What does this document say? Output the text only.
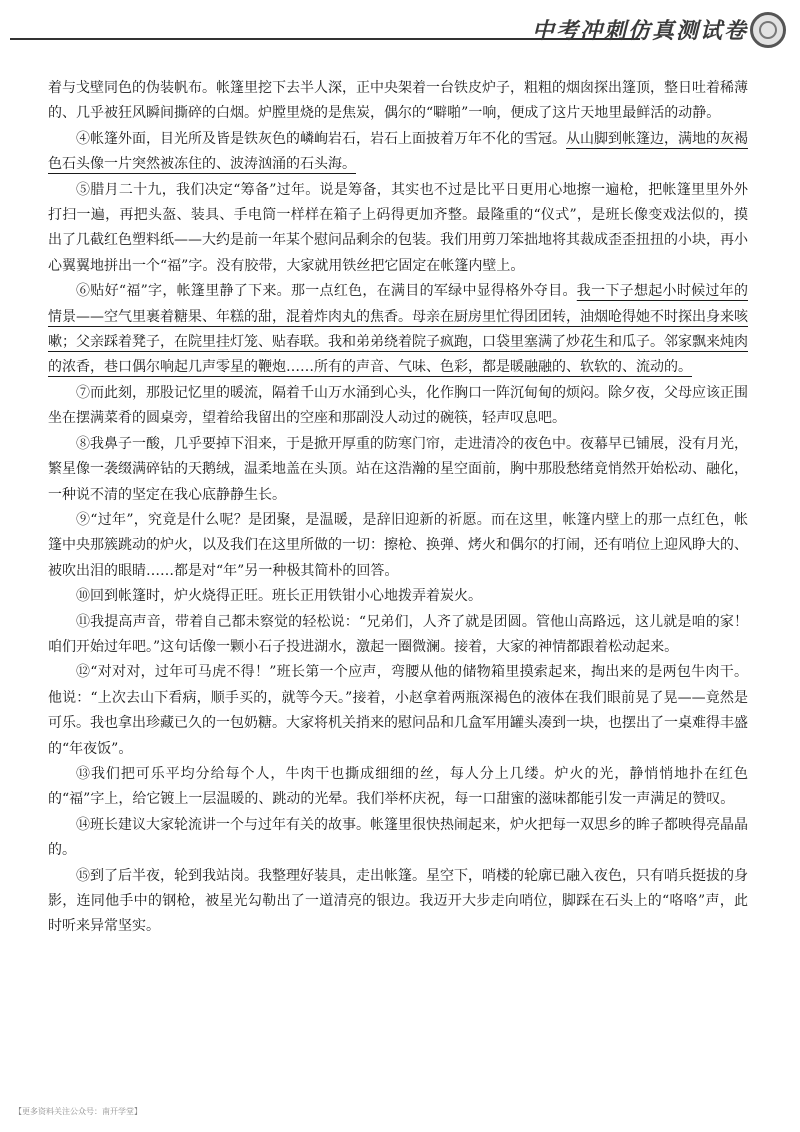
中考冲刺仿真测试卷

着与戈壁同色的伪装帆布。帐篷里挖下去半人深，正中央架着一台铁皮炉子，粗粗的烟囱探出篷顶，整日吐着稀薄的、几乎被狂风瞬间撕碎的白烟。炉膛里烧的是焦炭，偶尔的“噼啪”一响，便成了这片天地里最鲜活的动静。

④帐篷外面，目光所及皆是铁灰色的嶙峋岩石，岩石上面披着万年不化的雪冠。从山脚到帐篷边，满地的灰褐色石头像一片突然被冻住的、波涛汹涌的石头海。

⑤腊月二十九，我们决定“筹备”过年。说是筹备，其实也不过是比平日更用心地擦一遍枪，把帐篷里里外外打扫一遍，再把头盔、装具、手电筒一样样在箱子上码得更加齐整。最隆重的“仪式”，是班长像变戏法似的，摸出了几截红色塑料纸——大约是前一年某个慰问品剩余的包装。我们用剪刀笨拙地将其裁成歪歪扭扭的小块，再小心翼翼地拼出一个“福”字。没有胶带，大家就用铁丝把它固定在帐篷内壁上。

⑥贴好“福”字，帐篷里静了下来。那一点红色，在满目的军绿中显得格外夺目。我一下子想起小时候过年的情景——空气里裹着糖果、年糕的甜，混着炸肉丸的焦香。母亲在厨房里忙得团团转，油烟呛得她不时探出身来咳嗽；父亲踩着凳子，在院里挂灯笼、贴春联。我和弟弟绕着院子疯跑，口袋里塞满了炒花生和瓜子。邻家飘来炖肉的浓香，巷口偶尔响起几声零星的鞭炮……所有的声音、气味、色彩，都是暖融融的、软软的、流动的。

⑦而此刻，那股记忆里的暖流，隔着千山万水涌到心头，化作胸口一阵沉甸甸的烦闷。除夕夜，父母应该正围坐在摆满菜肴的圆桌旁，望着给我留出的空座和那副没人动过的碗筷，轻声叹息吧。

⑧我鼻子一酸，几乎要掉下泪来，于是掀开厚重的防寒门帘，走进清冷的夜色中。夜幕早已铺展，没有月光，繁星像一袭缀满碎钻的天鹅绒，温柔地盖在头顶。站在这浩瀚的星空面前，胸中那股愁绪竟悄然开始松动、融化，一种说不清的坚定在我心底静静生长。

⑨“过年”，究竟是什么呢？是团聚，是温暖，是辞旧迎新的祈愿。而在这里，帐篷内壁上的那一点红色，帐篷中央那簇跳动的炉火，以及我们在这里所做的一切：擦枪、换弹、烤火和偶尔的打闹，还有哨位上迎风睁大的、被吹出泪的眼睛……都是对“年”另一种极其简朴的回答。

⑩回到帐篷时，炉火烧得正旺。班长正用铁钳小心地拨弄着炭火。

⑪我提高声音，带着自己都未察觉的轻松说：“兄弟们，人齐了就是团圆。管他山高路远，这儿就是咱的家！咱们开始过年吧。”这句话像一颗小石子投进湖水，激起一圈微澜。接着，大家的神情都跟着松动起来。

⑫“对对对，过年可马虎不得！”班长第一个应声，弯腰从他的储物箱里摸索起来，掏出来的是两包牛肉干。他说：“上次去山下看病，顺手买的，就等今天。”接着，小赵拿着两瓶深褐色的液体在我们眼前晃了晃——竟然是可乐。我也拿出珍藏已久的一包奶糖。大家将机关捎来的慰问品和几盒军用罐头凑到一块，也摆出了一桌难得丰盛的“年夜饭”。

⑬我们把可乐平均分给每个人，牛肉干也撕成细细的丝，每人分上几缕。炉火的光，静悄悄地扑在红色的“福”字上，给它镀上一层温暖的、跳动的光晕。我们举杯庆祝，每一口甜蜜的滋味都能引发一声满足的赞叹。

⑭班长建议大家轮流讲一个与过年有关的故事。帐篷里很快热闹起来，炉火把每一双思乡的眸子都映得亮晶晶的。

⑮到了后半夜，轮到我站岗。我整理好装具，走出帐篷。星空下，哨楼的轮廓已融入夜色，只有哨兵挺拔的身影，连同他手中的钢枪，被星光勾勒出了一道清亮的银边。我迈开大步走向哨位，脚踩在石头上的“咯咯”声，此时听来异常坚实。

【更多资料关注公众号：南开学堂】
